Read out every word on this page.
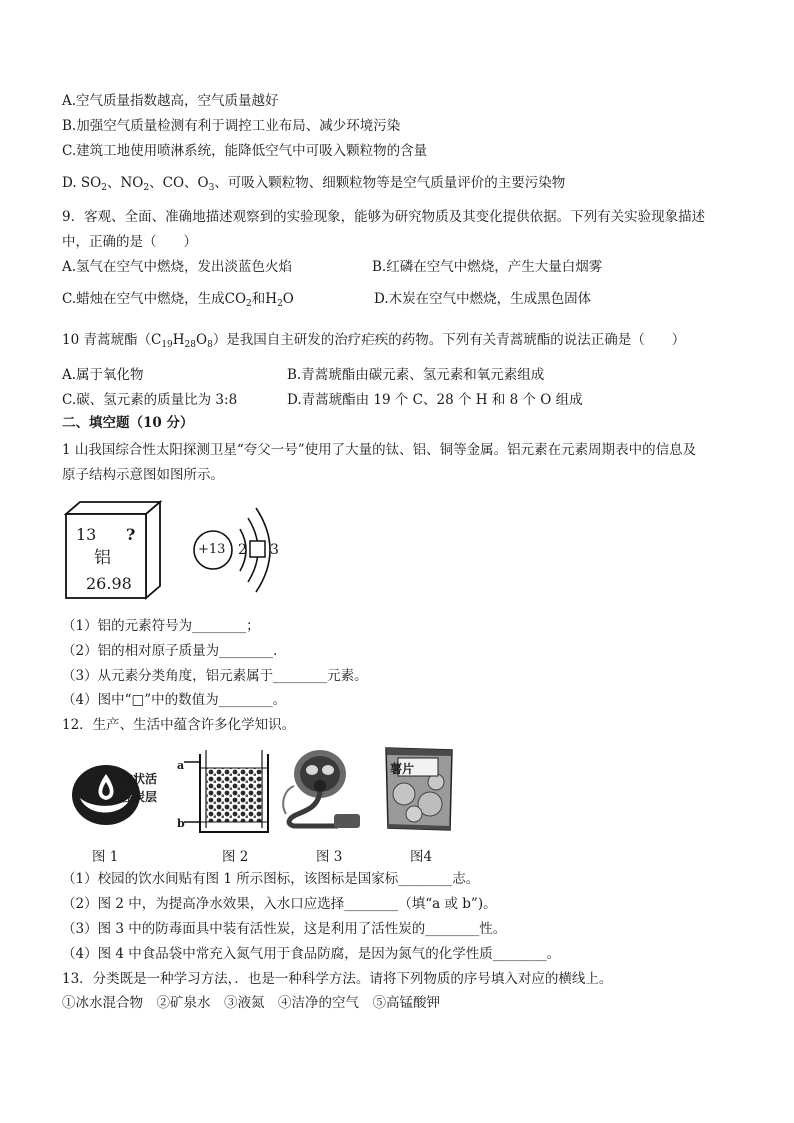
A.空气质量指数越高，空气质量越好
B.加强空气质量检测有利于调控工业布局、减少环境污染
C.建筑工地使用喷淋系统，能降低空气中可吸入颗粒物的含量
D. $SO_2$、$NO_2$、CO、$O_3$、可吸入颗粒物、细颗粒物等是空气质量评价的主要污染物
9．客观、全面、准确地描述观察到的实验现象，能够为研究物质及其变化提供依据。下列有关实验现象描述
中，正确的是（　　）
A.氢气在空气中燃烧，发出淡蓝色火焰	B.红磷在空气中燃烧，产生大量白烟雾
C.蜡烛在空气中燃烧，生成$CO_2$和$H_2O$	D.木炭在空气中燃烧，生成黑色固体
10 青蒿琥酯$(C_{19}H_{28}O_8)$是我国自主研发的治疗疟疾的药物。下列有关青蒿琥酯的说法正确是（　　）
A.属于氧化物	B.青蒿琥酯由碳元素、氢元素和氧元素组成
C.碳、氢元素的质量比为 3:8	D.青蒿琥酯由 19 个 C、28 个 H 和 8 个 O 组成
二、填空题（10 分）
1 山我国综合性太阳探测卫星“夸父一号”使用了大量的钛、铝、铜等金属。铝元素在元素周期表中的信息及
原子结构示意图如图所示。
13 ?
铝
26.98
+13 2 3
（1）铝的元素符号为________；
（2）铝的相对原子质量为________．
（3）从元素分类角度，铝元素属于________元素。
（4）图中“□”中的数值为________。
12．生产、生活中蕴含许多化学知识。
粒状活
性炭层
a
b
薯片
图 1	图 2	图 3	图4
（1）校园的饮水间贴有图 1 所示图标，该图标是国家标________志。
（2）图 2 中，为提高净水效果，入水口应选择________（填“a 或 b”)。
（3）图 3 中的防毒面具中装有活性炭，这是利用了活性炭的________性。
（4）图 4 中食品袋中常充入氮气用于食品防腐，是因为氮气的化学性质________。
13．分类既是一种学习方法，．也是一种科学方法。请将下列物质的序号填入对应的横线上。
①冰水混合物　②矿泉水　③液氮　④洁净的空气　⑤高锰酸钾
